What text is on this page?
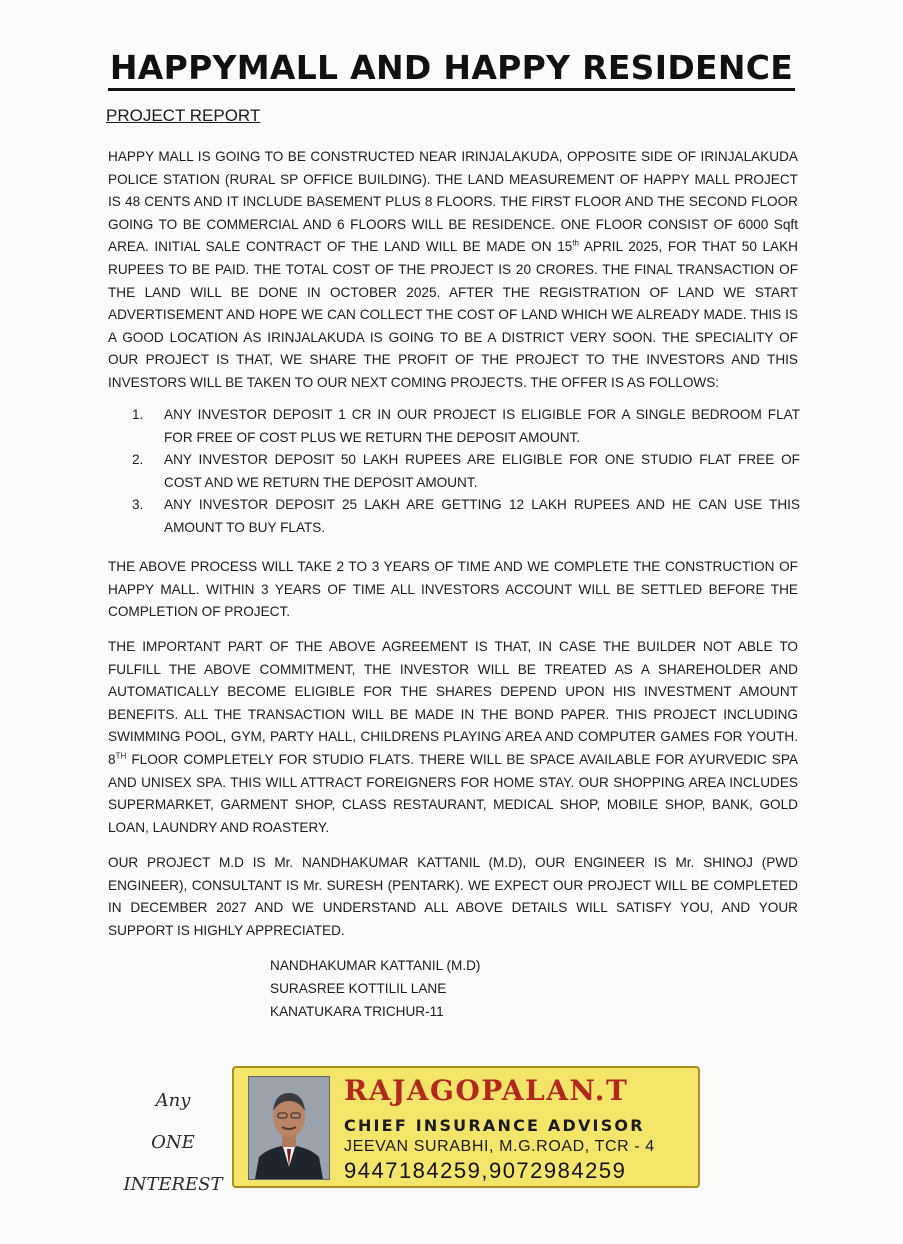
HAPPYMALL AND HAPPY RESIDENCE
PROJECT REPORT
HAPPY MALL IS GOING TO BE CONSTRUCTED NEAR IRINJALAKUDA, OPPOSITE SIDE OF IRINJALAKUDA POLICE STATION (RURAL SP OFFICE BUILDING). THE LAND MEASUREMENT OF HAPPY MALL PROJECT IS 48 CENTS AND IT INCLUDE BASEMENT PLUS 8 FLOORS. THE FIRST FLOOR AND THE SECOND FLOOR GOING TO BE COMMERCIAL AND 6 FLOORS WILL BE RESIDENCE. ONE FLOOR CONSIST OF 6000 Sqft AREA. INITIAL SALE CONTRACT OF THE LAND WILL BE MADE ON 15th APRIL 2025, FOR THAT 50 LAKH RUPEES TO BE PAID. THE TOTAL COST OF THE PROJECT IS 20 CRORES. THE FINAL TRANSACTION OF THE LAND WILL BE DONE IN OCTOBER 2025. AFTER THE REGISTRATION OF LAND WE START ADVERTISEMENT AND HOPE WE CAN COLLECT THE COST OF LAND WHICH WE ALREADY MADE. THIS IS A GOOD LOCATION AS IRINJALAKUDA IS GOING TO BE A DISTRICT VERY SOON. THE SPECIALITY OF OUR PROJECT IS THAT, WE SHARE THE PROFIT OF THE PROJECT TO THE INVESTORS AND THIS INVESTORS WILL BE TAKEN TO OUR NEXT COMING PROJECTS. THE OFFER IS AS FOLLOWS:
1.	ANY INVESTOR DEPOSIT 1 CR IN OUR PROJECT IS ELIGIBLE FOR A SINGLE BEDROOM FLAT FOR FREE OF COST PLUS WE RETURN THE DEPOSIT AMOUNT.
2.	ANY INVESTOR DEPOSIT 50 LAKH RUPEES ARE ELIGIBLE FOR ONE STUDIO FLAT FREE OF COST AND WE RETURN THE DEPOSIT AMOUNT.
3.	ANY INVESTOR DEPOSIT 25 LAKH ARE GETTING 12 LAKH RUPEES AND HE CAN USE THIS AMOUNT TO BUY FLATS.
THE ABOVE PROCESS WILL TAKE 2 TO 3 YEARS OF TIME AND WE COMPLETE THE CONSTRUCTION OF HAPPY MALL. WITHIN 3 YEARS OF TIME ALL INVESTORS ACCOUNT WILL BE SETTLED BEFORE THE COMPLETION OF PROJECT.
THE IMPORTANT PART OF THE ABOVE AGREEMENT IS THAT, IN CASE THE BUILDER NOT ABLE TO FULFILL THE ABOVE COMMITMENT, THE INVESTOR WILL BE TREATED AS A SHAREHOLDER AND AUTOMATICALLY BECOME ELIGIBLE FOR THE SHARES DEPEND UPON HIS INVESTMENT AMOUNT BENEFITS. ALL THE TRANSACTION WILL BE MADE IN THE BOND PAPER. THIS PROJECT INCLUDING SWIMMING POOL, GYM, PARTY HALL, CHILDRENS PLAYING AREA AND COMPUTER GAMES FOR YOUTH. 8TH FLOOR COMPLETELY FOR STUDIO FLATS. THERE WILL BE SPACE AVAILABLE FOR AYURVEDIC SPA AND UNISEX SPA. THIS WILL ATTRACT FOREIGNERS FOR HOME STAY. OUR SHOPPING AREA INCLUDES SUPERMARKET, GARMENT SHOP, CLASS RESTAURANT, MEDICAL SHOP, MOBILE SHOP, BANK, GOLD LOAN, LAUNDRY AND ROASTERY.
OUR PROJECT M.D IS Mr. NANDHAKUMAR KATTANIL (M.D), OUR ENGINEER IS Mr. SHINOJ (PWD ENGINEER), CONSULTANT IS Mr. SURESH (PENTARK). WE EXPECT OUR PROJECT WILL BE COMPLETED IN DECEMBER 2027 AND WE UNDERSTAND ALL ABOVE DETAILS WILL SATISFY YOU, AND YOUR SUPPORT IS HIGHLY APPRECIATED.
NANDHAKUMAR KATTANIL (M.D)
SURASREE KOTTILIL LANE
KANATUKARA TRICHUR-11
Any
ONE
INTEREST
RAJAGOPALAN.T
CHIEF INSURANCE ADVISOR
JEEVAN SURABHI, M.G.ROAD, TCR - 4
9447184259,9072984259
